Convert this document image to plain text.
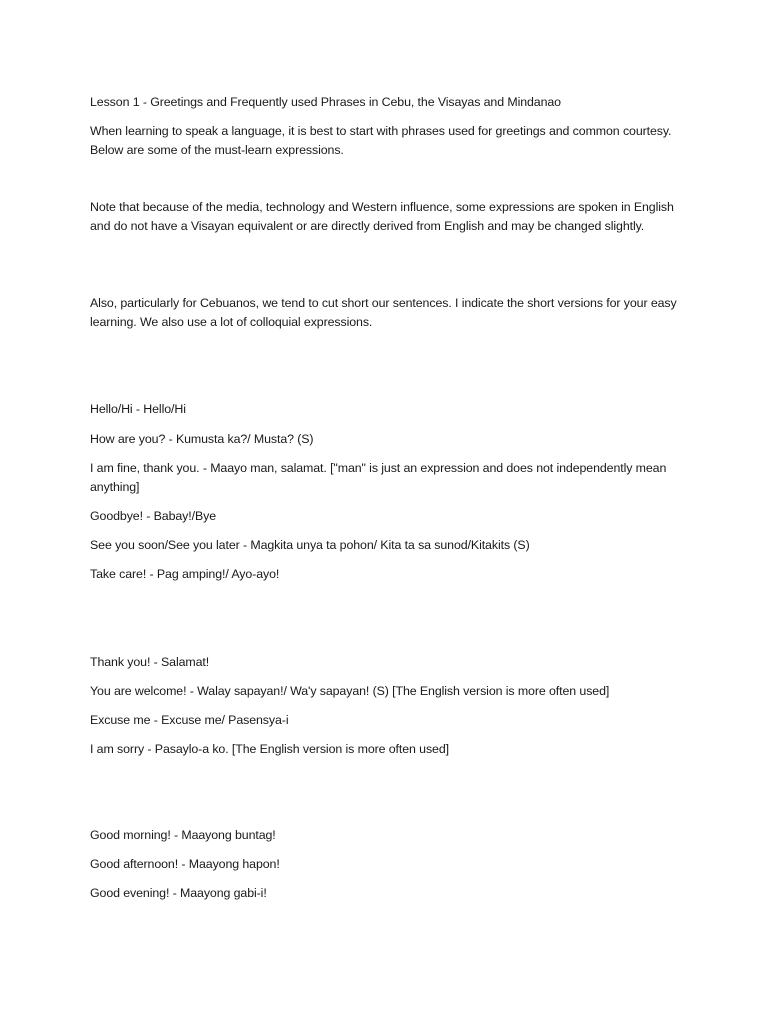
Lesson 1 - Greetings and Frequently used Phrases in Cebu, the Visayas and Mindanao
When learning to speak a language, it is best to start with phrases used for greetings and common courtesy. Below are some of the must-learn expressions.
Note that because of the media, technology and Western influence, some expressions are spoken in English and do not have a Visayan equivalent or are directly derived from English and may be changed slightly.
Also, particularly for Cebuanos, we tend to cut short our sentences. I indicate the short versions for your easy learning. We also use a lot of colloquial expressions.
Hello/Hi - Hello/Hi
How are you? - Kumusta ka?/ Musta? (S)
I am fine, thank you. - Maayo man, salamat. ["man" is just an expression and does not independently mean anything]
Goodbye! - Babay!/Bye
See you soon/See you later - Magkita unya ta pohon/ Kita ta sa sunod/Kitakits (S)
Take care! - Pag amping!/ Ayo-ayo!
Thank you! - Salamat!
You are welcome! - Walay sapayan!/ Wa'y sapayan! (S) [The English version is more often used]
Excuse me - Excuse me/ Pasensya-i
I am sorry - Pasaylo-a ko. [The English version is more often used]
Good morning! - Maayong buntag!
Good afternoon! - Maayong hapon!
Good evening! - Maayong gabi-i!
